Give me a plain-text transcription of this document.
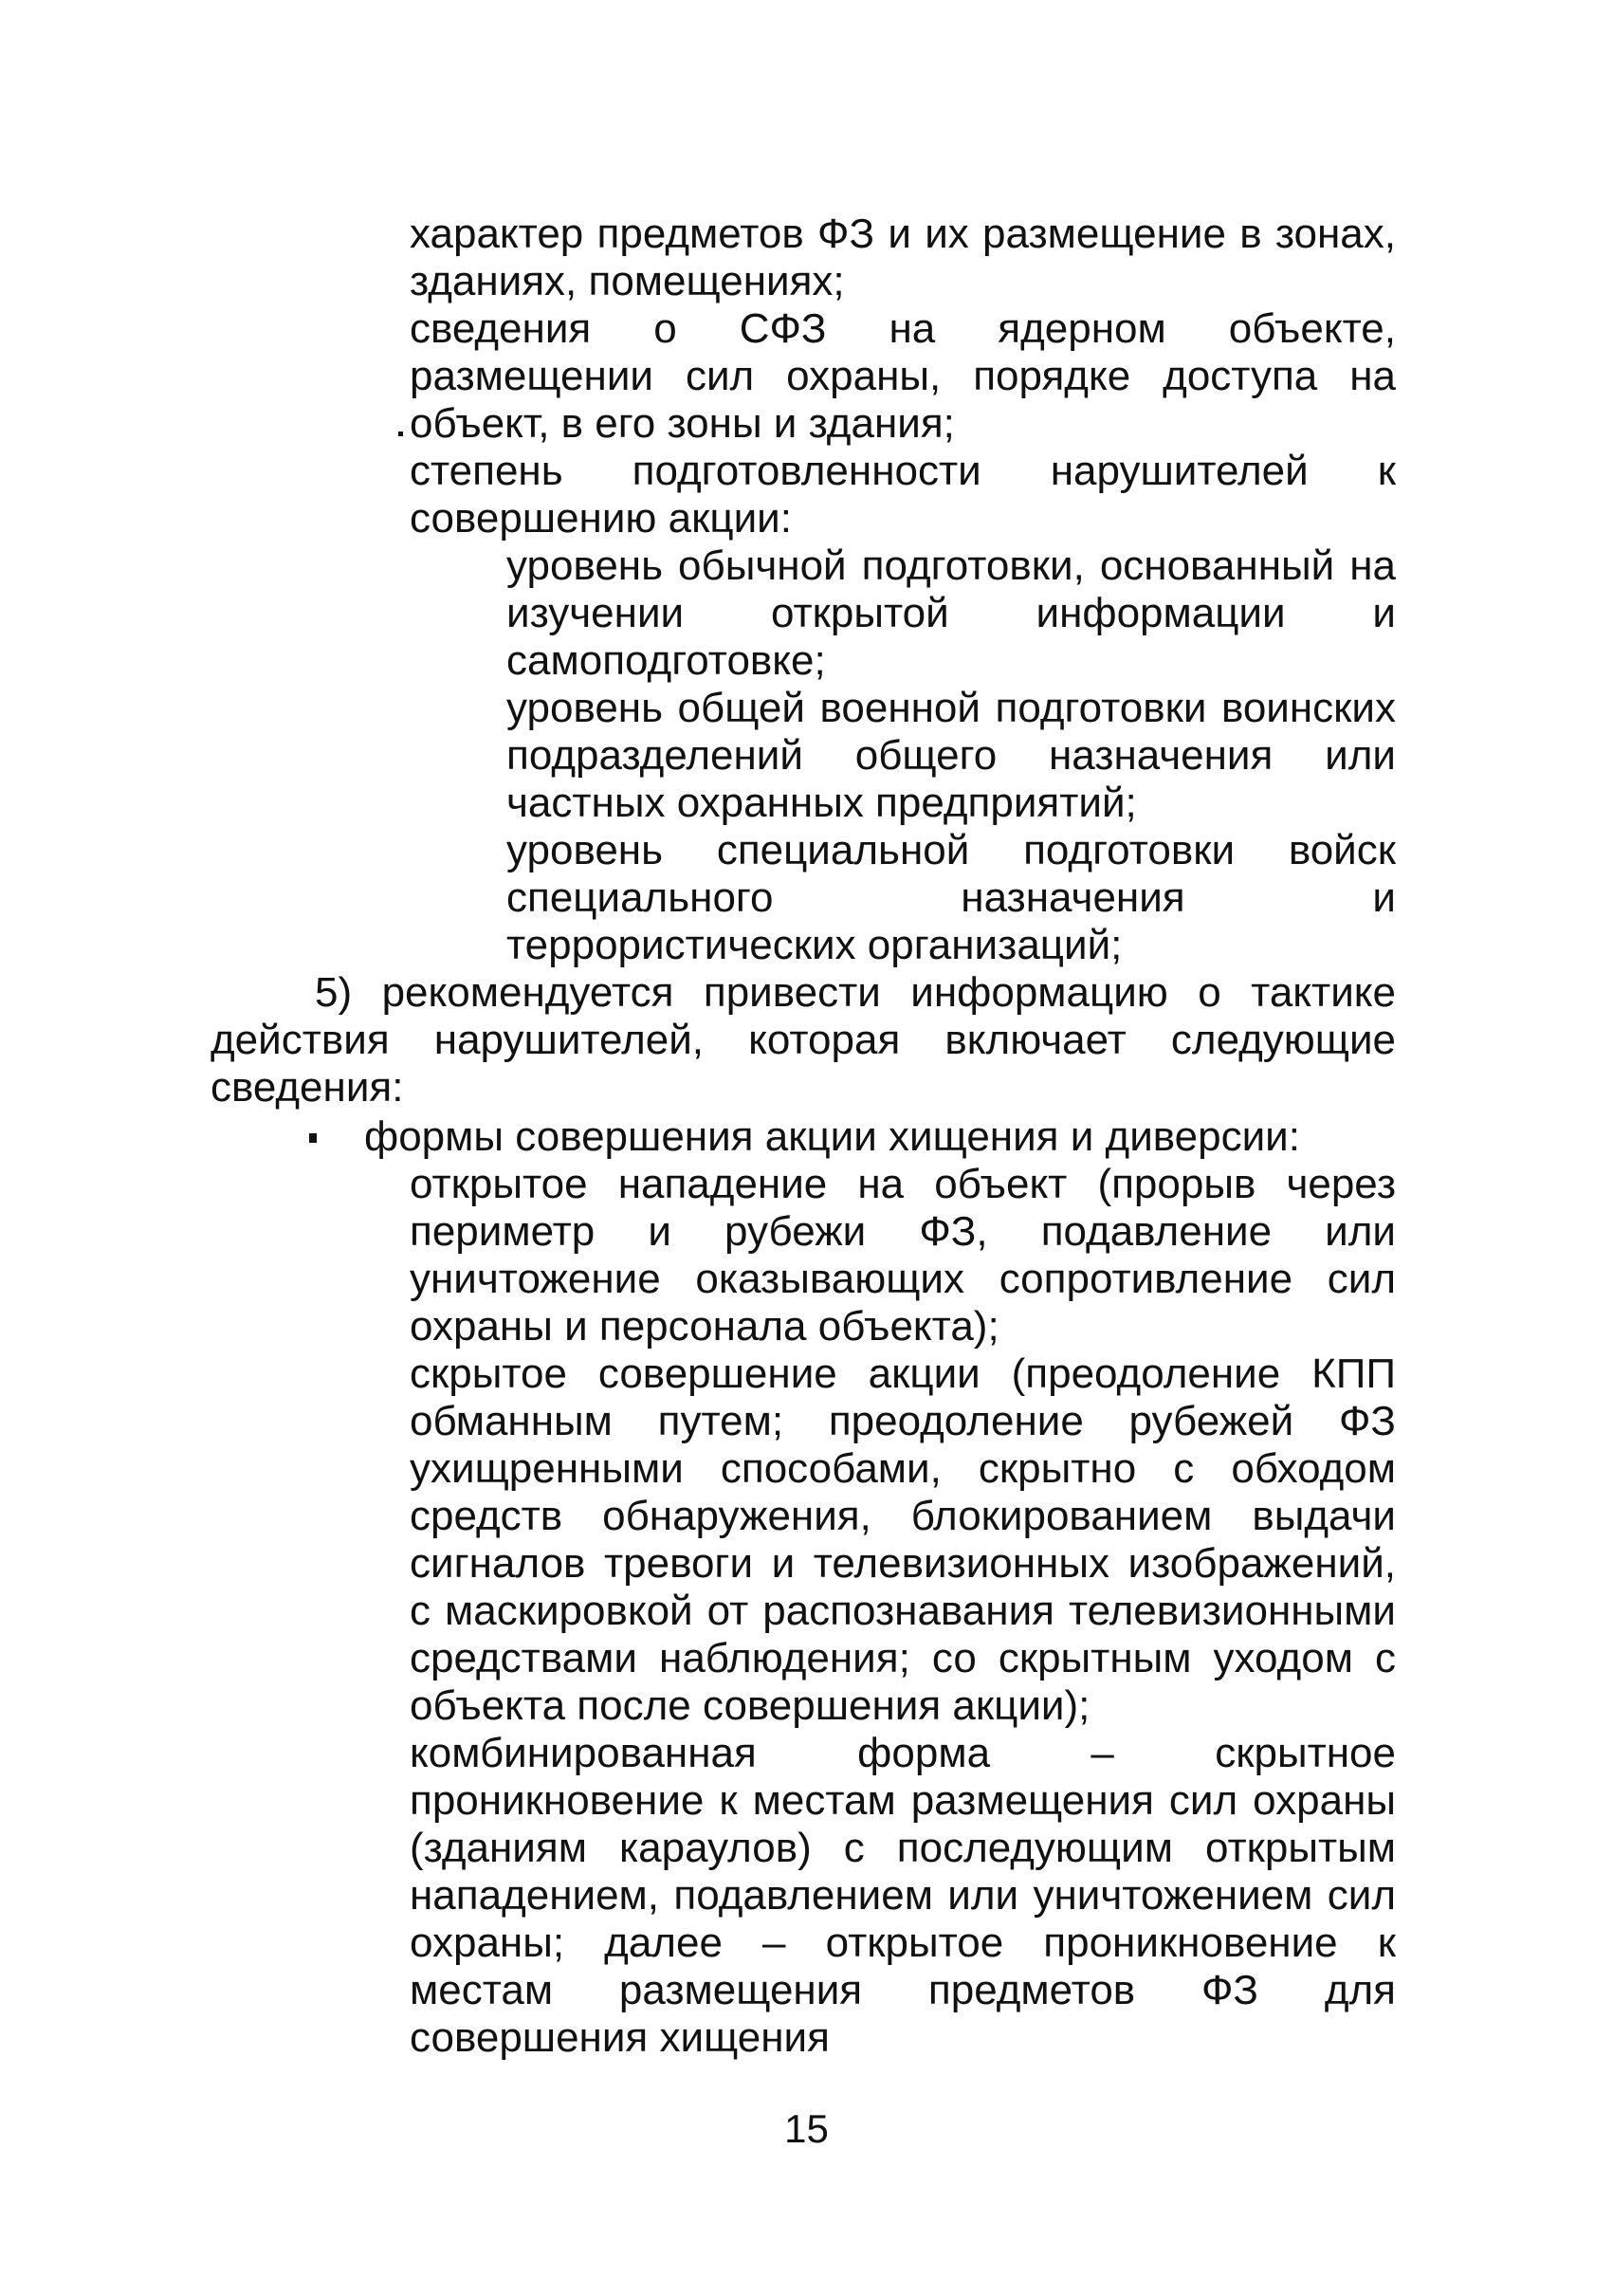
характер предметов ФЗ и их размещение в зонах, зданиях, помещениях;

сведения о СФЗ на ядерном объекте, размещении сил охраны, порядке доступа на объект, в его зоны и здания;

степень подготовленности нарушителей к совершению акции:

уровень обычной подготовки, основанный на изучении открытой информации и самоподготовке;

уровень общей военной подготовки воинских подразделений общего назначения или частных охранных предприятий;

уровень специальной подготовки войск специального назначения и террористических организаций;

5) рекомендуется привести информацию о тактике действия нарушителей, которая включает следующие сведения:

формы совершения акции хищения и диверсии:

открытое нападение на объект (прорыв через периметр и рубежи ФЗ, подавление или уничтожение оказывающих сопротивление сил охраны и персонала объекта);

скрытое совершение акции (преодоление КПП обманным путем; преодоление рубежей ФЗ ухищренными способами, скрытно с обходом средств обнаружения, блокированием выдачи сигналов тревоги и телевизионных изображений, с маскировкой от распознавания телевизионными средствами наблюдения; со скрытным уходом с объекта после совершения акции);

комбинированная форма – скрытное проникновение к местам размещения сил охраны (зданиям караулов) с последующим открытым нападением, подавлением или уничтожением сил охраны; далее – открытое проникновение к местам размещения предметов ФЗ для совершения хищения

15
